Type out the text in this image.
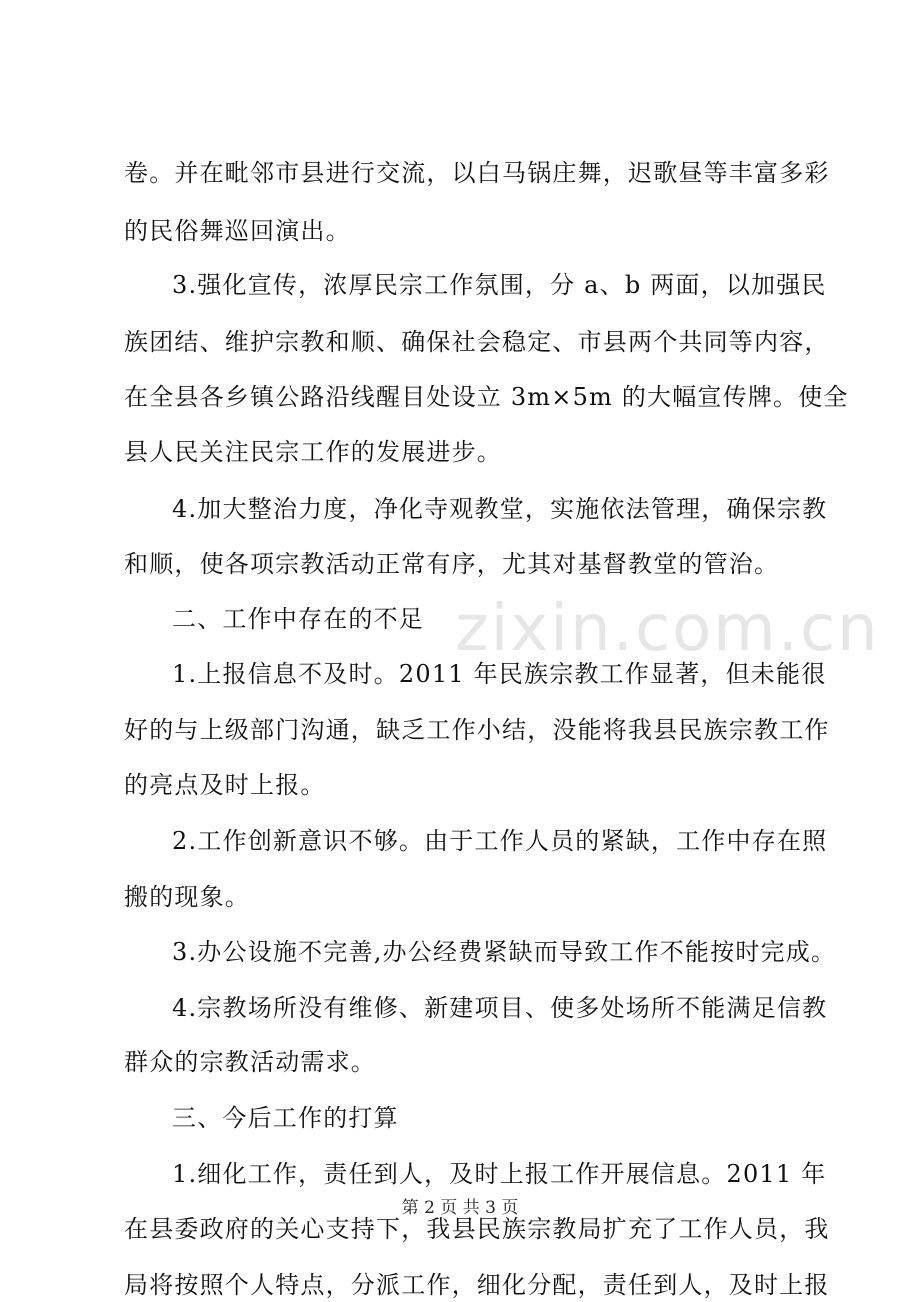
zixin.com.cn
卷。并在毗邻市县进行交流，以白马锅庄舞，迟歌昼等丰富多彩
的民俗舞巡回演出。
3.强化宣传，浓厚民宗工作氛围，分 a、b 两面，以加强民
族团结、维护宗教和顺、确保社会稳定、市县两个共同等内容，
在全县各乡镇公路沿线醒目处设立 3m×5m 的大幅宣传牌。使全
县人民关注民宗工作的发展进步。
4.加大整治力度，净化寺观教堂，实施依法管理，确保宗教
和顺，使各项宗教活动正常有序，尤其对基督教堂的管治。
二、工作中存在的不足
1.上报信息不及时。2011 年民族宗教工作显著，但未能很
好的与上级部门沟通，缺乏工作小结，没能将我县民族宗教工作
的亮点及时上报。
2.工作创新意识不够。由于工作人员的紧缺，工作中存在照
搬的现象。
3.办公设施不完善,办公经费紧缺而导致工作不能按时完成。
4.宗教场所没有维修、新建项目、使多处场所不能满足信教
群众的宗教活动需求。
三、今后工作的打算
1.细化工作，责任到人，及时上报工作开展信息。2011 年
在县委政府的关心支持下，我县民族宗教局扩充了工作人员，我
局将按照个人特点，分派工作，细化分配，责任到人，及时上报
第 2 页 共 3 页
